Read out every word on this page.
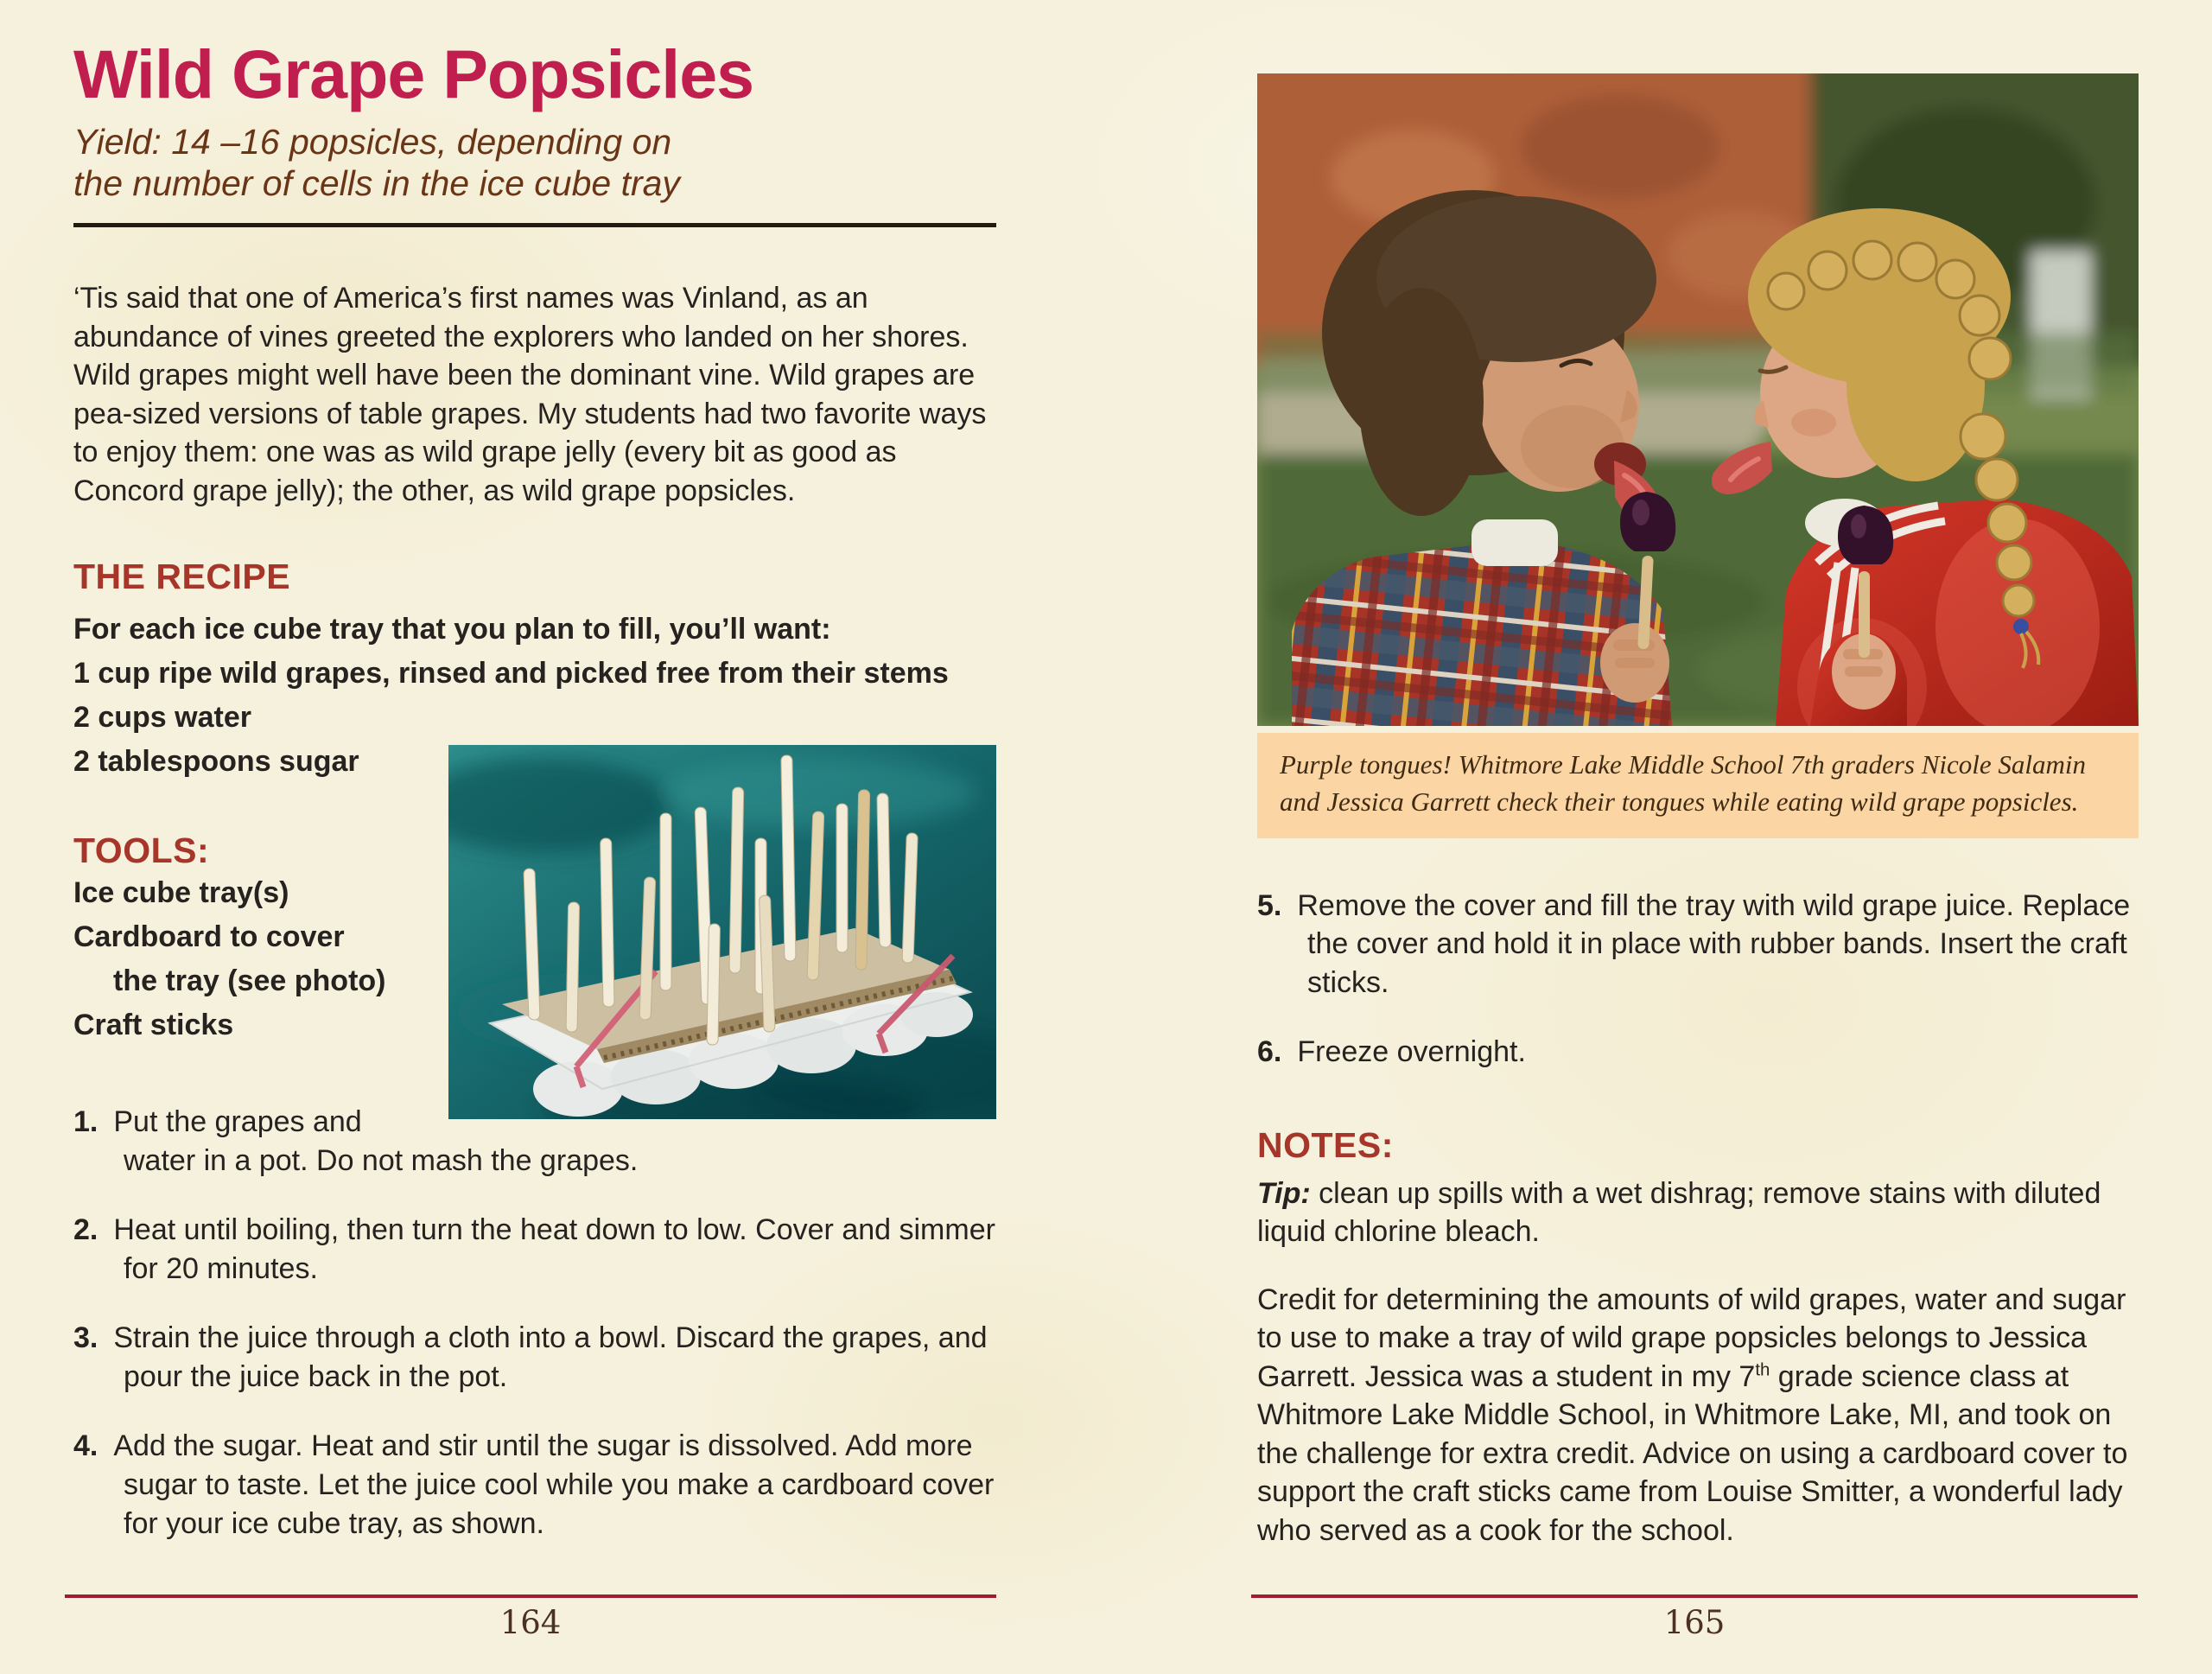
Wild Grape Popsicles
Yield: 14 –16 popsicles, depending on
the number of cells in the ice cube tray

‘Tis said that one of America’s first names was Vinland, as an abundance of vines greeted the explorers who landed on her shores. Wild grapes might well have been the dominant vine. Wild grapes are pea-sized versions of table grapes. My students had two favorite ways to enjoy them: one was as wild grape jelly (every bit as good as Concord grape jelly); the other, as wild grape popsicles.

THE RECIPE
For each ice cube tray that you plan to fill, you’ll want:
1 cup ripe wild grapes, rinsed and picked free from their stems
2 cups water
2 tablespoons sugar
TOOLS:
Ice cube tray(s)
Cardboard to cover
the tray (see photo)
Craft sticks
1. Put the grapes and water in a pot. Do not mash the grapes.
2. Heat until boiling, then turn the heat down to low. Cover and simmer for 20 minutes.
3. Strain the juice through a cloth into a bowl. Discard the grapes, and pour the juice back in the pot.
4. Add the sugar. Heat and stir until the sugar is dissolved. Add more sugar to taste. Let the juice cool while you make a cardboard cover for your ice cube tray, as shown.
Purple tongues! Whitmore Lake Middle School 7th graders Nicole Salamin and Jessica Garrett check their tongues while eating wild grape popsicles.
5. Remove the cover and fill the tray with wild grape juice. Replace the cover and hold it in place with rubber bands. Insert the craft sticks.
6. Freeze overnight.
NOTES:

Tip: clean up spills with a wet dishrag; remove stains with diluted liquid chlorine bleach.

Credit for determining the amounts of wild grapes, water and sugar to use to make a tray of wild grape popsicles belongs to Jessica Garrett. Jessica was a student in my 7th grade science class at Whitmore Lake Middle School, in Whitmore Lake, MI, and took on the challenge for extra credit. Advice on using a cardboard cover to support the craft sticks came from Louise Smitter, a wonderful lady who served as a cook for the school.

164	165
